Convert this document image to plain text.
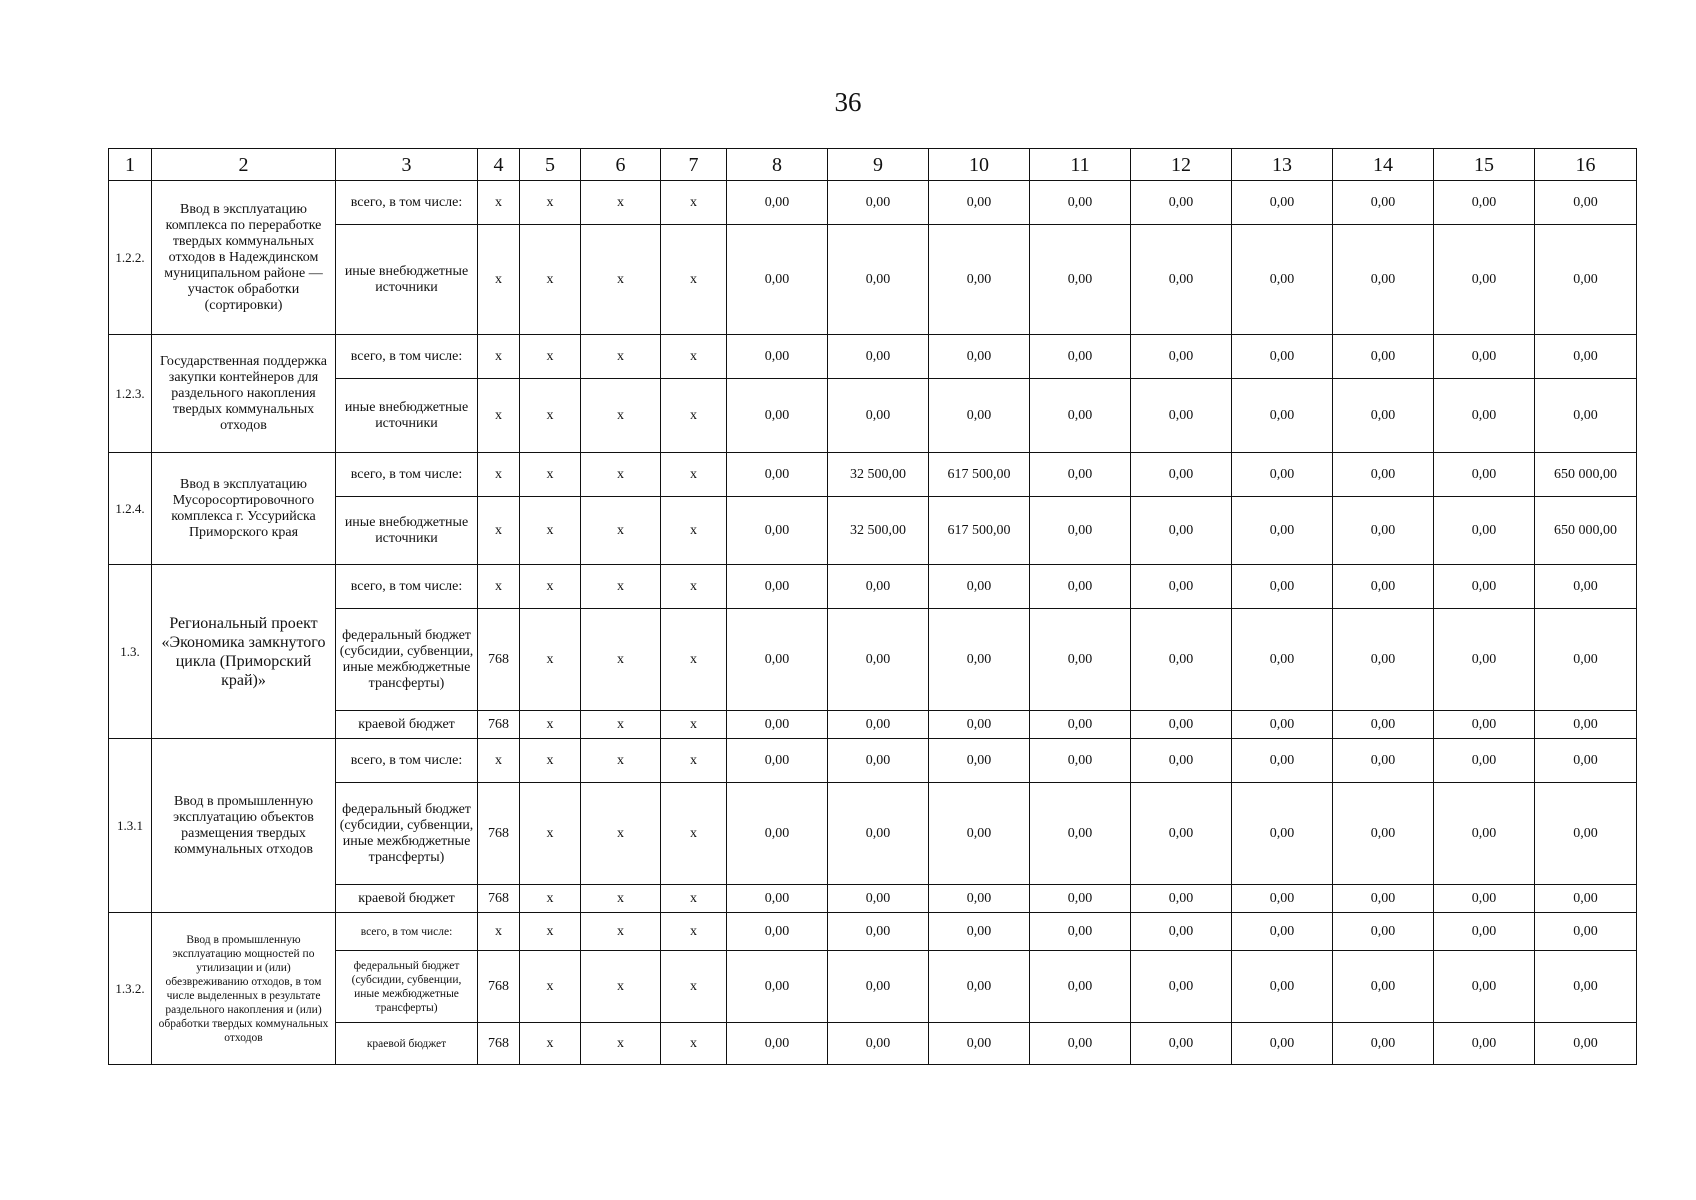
36
1	2	3	4	5	6	7	8	9	10	11	12	13	14	15	16
1.2.2.	Ввод в эксплуатацию комплекса по переработке твердых коммунальных отходов в Надеждинском муниципальном районе — участок обработки (сортировки)	всего, в том числе:	x	x	x	x	0,00	0,00	0,00	0,00	0,00	0,00	0,00	0,00	0,00
		иные внебюджетные источники	x	x	x	x	0,00	0,00	0,00	0,00	0,00	0,00	0,00	0,00	0,00
1.2.3.	Государственная поддержка закупки контейнеров для раздельного накопления твердых коммунальных отходов	всего, в том числе:	x	x	x	x	0,00	0,00	0,00	0,00	0,00	0,00	0,00	0,00	0,00
		иные внебюджетные источники	x	x	x	x	0,00	0,00	0,00	0,00	0,00	0,00	0,00	0,00	0,00
1.2.4.	Ввод в эксплуатацию Мусоросортировочного комплекса г. Уссурийска Приморского края	всего, в том числе:	x	x	x	x	0,00	32 500,00	617 500,00	0,00	0,00	0,00	0,00	0,00	650 000,00
		иные внебюджетные источники	x	x	x	x	0,00	32 500,00	617 500,00	0,00	0,00	0,00	0,00	0,00	650 000,00
1.3.	Региональный проект «Экономика замкнутого цикла (Приморский край)»	всего, в том числе:	x	x	x	x	0,00	0,00	0,00	0,00	0,00	0,00	0,00	0,00	0,00
		федеральный бюджет (субсидии, субвенции, иные межбюджетные трансферты)	768	x	x	x	0,00	0,00	0,00	0,00	0,00	0,00	0,00	0,00	0,00
		краевой бюджет	768	x	x	x	0,00	0,00	0,00	0,00	0,00	0,00	0,00	0,00	0,00
1.3.1	Ввод в промышленную эксплуатацию объектов размещения твердых коммунальных отходов	всего, в том числе:	x	x	x	x	0,00	0,00	0,00	0,00	0,00	0,00	0,00	0,00	0,00
		федеральный бюджет (субсидии, субвенции, иные межбюджетные трансферты)	768	x	x	x	0,00	0,00	0,00	0,00	0,00	0,00	0,00	0,00	0,00
		краевой бюджет	768	x	x	x	0,00	0,00	0,00	0,00	0,00	0,00	0,00	0,00	0,00
1.3.2.	Ввод в промышленную эксплуатацию мощностей по утилизации и (или) обезвреживанию отходов, в том числе выделенных в результате раздельного накопления и (или) обработки твердых коммунальных отходов	всего, в том числе:	x	x	x	x	0,00	0,00	0,00	0,00	0,00	0,00	0,00	0,00	0,00
		федеральный бюджет (субсидии, субвенции, иные межбюджетные трансферты)	768	x	x	x	0,00	0,00	0,00	0,00	0,00	0,00	0,00	0,00	0,00
		краевой бюджет	768	x	x	x	0,00	0,00	0,00	0,00	0,00	0,00	0,00	0,00	0,00
